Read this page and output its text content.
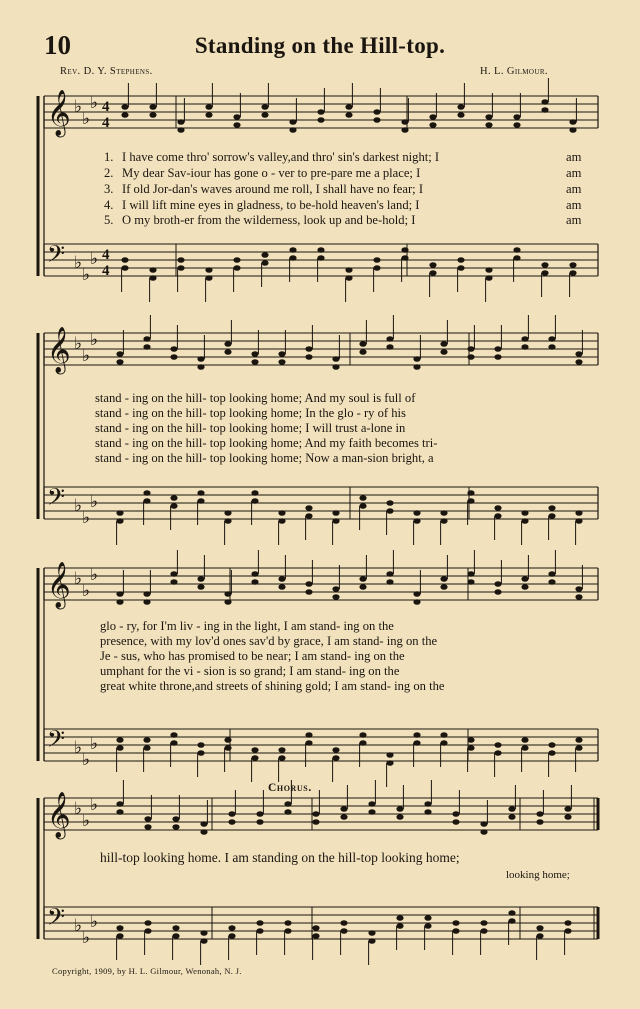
10	Standing on the Hill-top.
Rev. D. Y. Stephens.	H. L. Gilmour.
𝄞 ♭
♭
♭ 4
4
𝄢 ♭
♭
♭ 4
4
𝄞 ♭
♭
♭
𝄢 ♭
♭
♭
𝄞 ♭
♭
♭
𝄢 ♭
♭
♭
𝄞 ♭
♭
♭
𝄢 ♭
♭
♭
1. I have come thro' sorrow's valley,and thro' sin's darkest night; I
2. My dear Sav-iour has gone o - ver to pre-pare me a place; I
3. If old Jor-dan's waves around me roll, I shall have no fear; I
4. I will lift mine eyes in gladness, to be-hold heaven's land; I
5. O my broth-er from the wilderness, look up and be-hold; I
am
am
am
am
am
stand - ing on the hill- top looking home; And my soul is full of
stand - ing on the hill- top looking home; In the glo - ry of his
stand - ing on the hill- top looking home; I will trust a-lone in
stand - ing on the hill- top looking home; And my faith becomes tri-
stand - ing on the hill- top looking home; Now a man-sion bright, a
glo - ry, for I'm liv - ing in the light, I am stand- ing on the
presence, with my lov'd ones sav'd by grace, I am stand- ing on the
Je - sus, who has promised to be near; I am stand- ing on the
umphant for the vi - sion is so grand; I am stand- ing on the
great white throne,and streets of shining gold; I am stand- ing on the
Chorus.
hill-top looking home. I am standing on the hill-top looking home;
looking home;
Copyright, 1909, by H. L. Gilmour, Wenonah, N. J.
